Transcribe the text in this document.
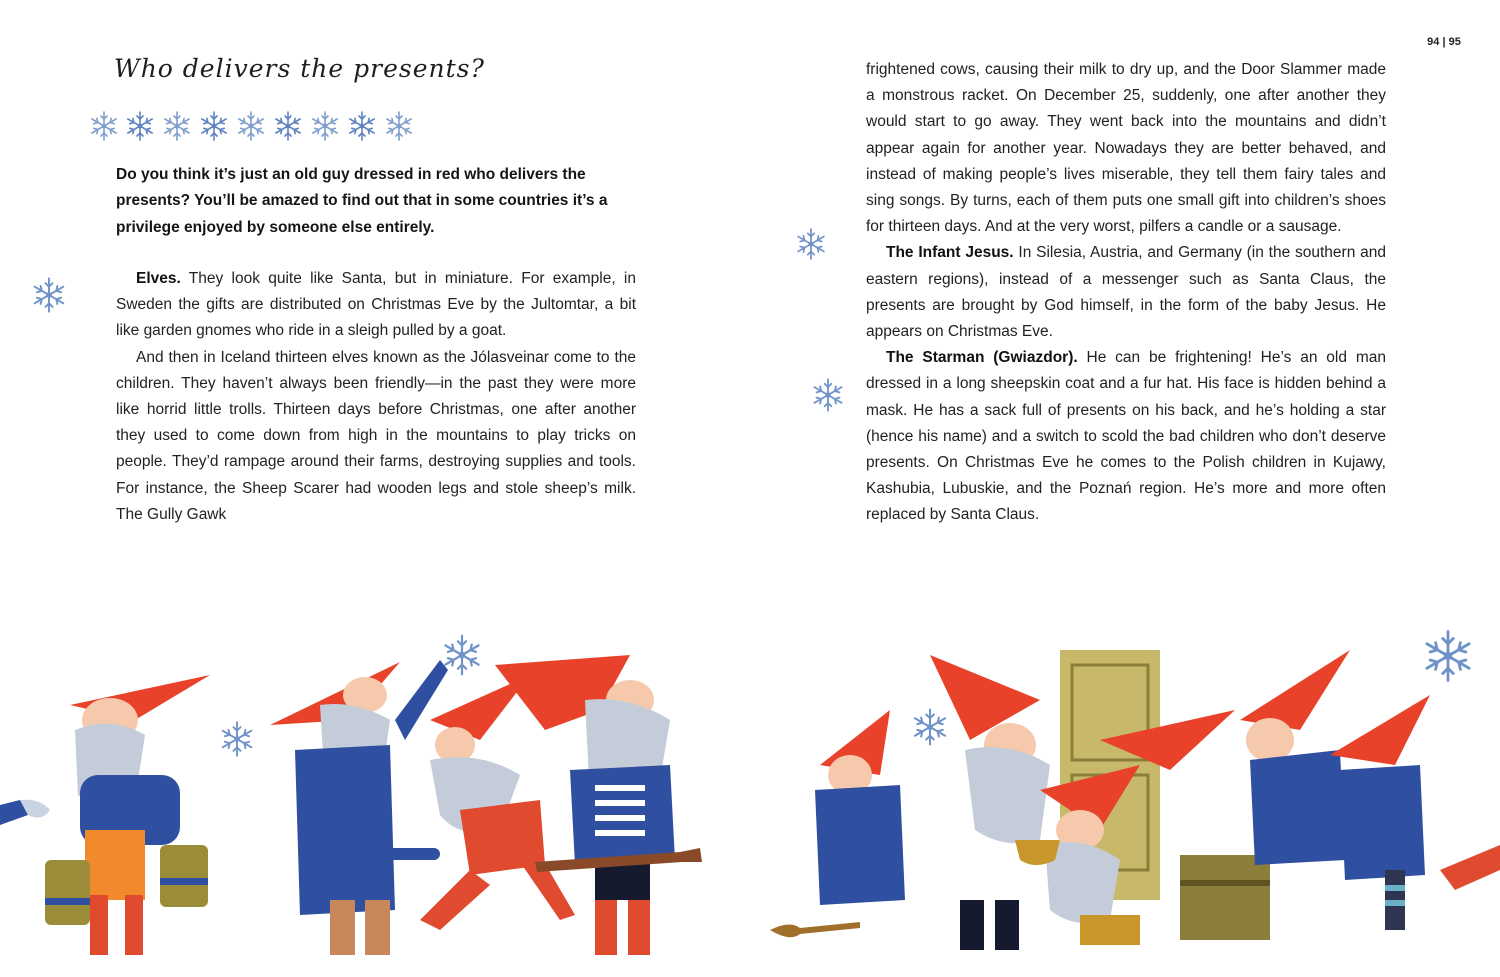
94 | 95
Who delivers the presents?

Do you think it’s just an old guy dressed in red who delivers the presents? You’ll be amazed to find out that in some countries it’s a privilege enjoyed by someone else entirely.

Elves. They look quite like Santa, but in miniature. For example, in Sweden the gifts are distributed on Christmas Eve by the Jultomtar, a bit like garden gnomes who ride in a sleigh pulled by a goat.

And then in Iceland thirteen elves known as the Jólasveinar come to the children. They haven’t always been friendly—in the past they were more like horrid little trolls. Thirteen days before Christmas, one after another they used to come down from high in the mountains to play tricks on people. They’d rampage around their farms, destroying supplies and tools. For instance, the Sheep Scarer had wooden legs and stole sheep’s milk. The Gully Gawk

frightened cows, causing their milk to dry up, and the Door Slammer made a monstrous racket. On December 25, suddenly, one after another they would start to go away. They went back into the mountains and didn’t appear again for another year. Nowadays they are better behaved, and instead of making people’s lives miserable, they tell them fairy tales and sing songs. By turns, each of them puts one small gift into children’s shoes for thirteen days. And at the very worst, pilfers a candle or a sausage.

The Infant Jesus. In Silesia, Austria, and Germany (in the southern and eastern regions), instead of a messenger such as Santa Claus, the presents are brought by God himself, in the form of the baby Jesus. He appears on Christmas Eve.

The Starman (Gwiazdor). He can be frightening! He’s an old man dressed in a long sheepskin coat and a fur hat. His face is hidden behind a mask. He has a sack full of presents on his back, and he’s holding a star (hence his name) and a switch to scold the bad children who don’t deserve presents. On Christmas Eve he comes to the Polish children in Kujawy, Kashubia, Lubuskie, and the Poznań region. He’s more and more often replaced by Santa Claus.
